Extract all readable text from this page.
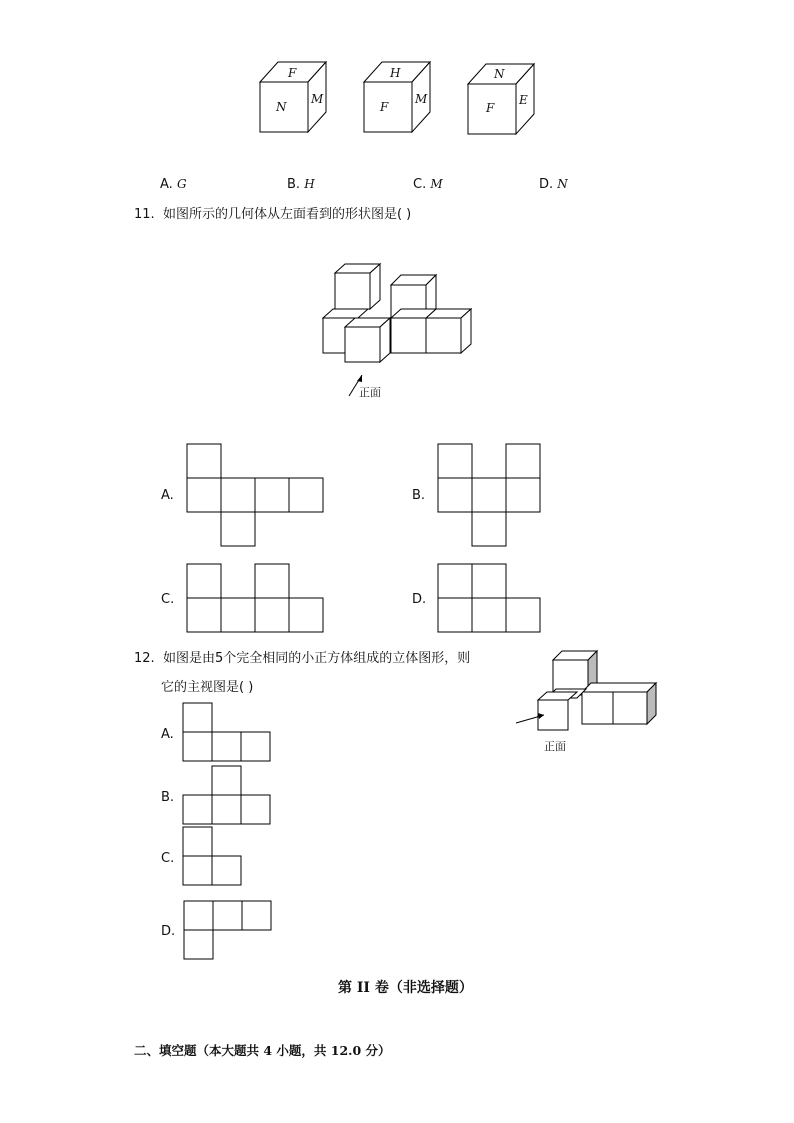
F
N
M
H
F
M
N
F
E
A. G	B. H	C. M	D. N
11. 如图所示的几何体从左面看到的形状图是( )
正面
A.	B.
C.	D.
12. 如图是由5个完全相同的小正方体组成的立体图形，则
它的主视图是( )
正面
A.
B.
C.
D.
第 II 卷（非选择题）
二、填空题（本大题共 4 小题，共 12.0 分）
